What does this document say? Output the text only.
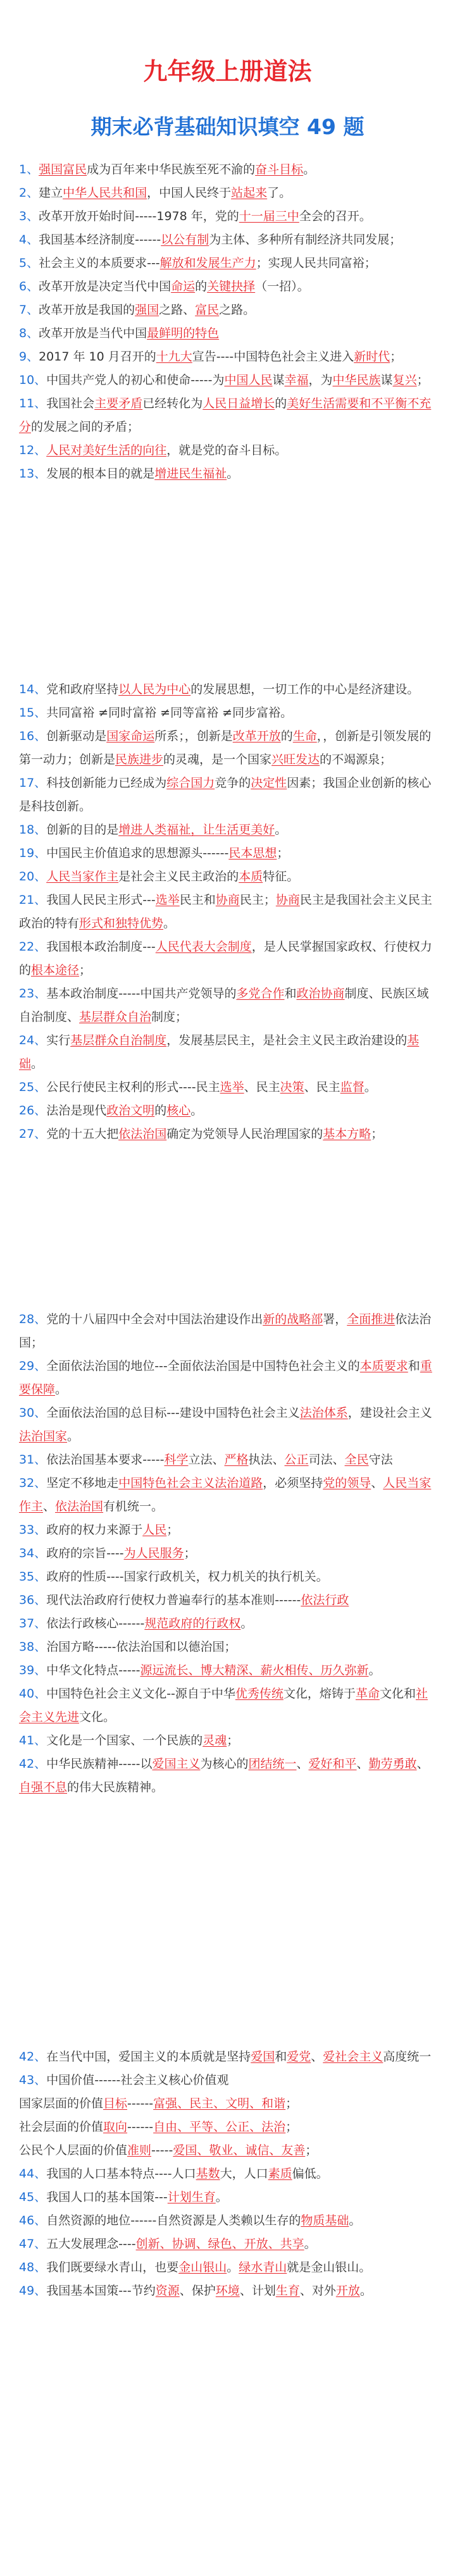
九年级上册道法
期末必背基础知识填空 49 题
1、强国富民成为百年来中华民族至死不渝的奋斗目标。
2、建立中华人民共和国，中国人民终于站起来了。
3、改革开放开始时间-----1978 年，党的十一届三中全会的召开。
4、我国基本经济制度------以公有制为主体、多种所有制经济共同发展；
5、社会主义的本质要求---解放和发展生产力；实现人民共同富裕；
6、改革开放是决定当代中国命运的关键抉择（一招）。
7、改革开放是我国的强国之路、富民之路。
8、改革开放是当代中国最鲜明的特色
9、2017 年 10 月召开的十九大宣告----中国特色社会主义进入新时代；
10、中国共产党人的初心和使命-----为中国人民谋幸福，为中华民族谋复兴；
11、我国社会主要矛盾已经转化为人民日益增长的美好生活需要和不平衡不充分的发展之间的矛盾；
12、人民对美好生活的向往，就是党的奋斗目标。
13、发展的根本目的就是增进民生福祉。
14、党和政府坚持以人民为中心的发展思想，一切工作的中心是经济建设。
15、共同富裕 ≠同时富裕 ≠同等富裕 ≠同步富裕。
16、创新驱动是国家命运所系；，创新是改革开放的生命，，创新是引领发展的第一动力；创新是民族进步的灵魂，是一个国家兴旺发达的不竭源泉；
17、科技创新能力已经成为综合国力竞争的决定性因素；我国企业创新的核心是科技创新。
18、创新的目的是增进人类福祉，让生活更美好。
19、中国民主价值追求的思想源头------民本思想；
20、人民当家作主是社会主义民主政治的本质特征。
21、我国人民民主形式---选举民主和协商民主；协商民主是我国社会主义民主政治的特有形式和独特优势。
22、我国根本政治制度---人民代表大会制度，是人民掌握国家政权、行使权力的根本途径；
23、基本政治制度-----中国共产党领导的多党合作和政治协商制度、民族区域自治制度、基层群众自治制度；
24、实行基层群众自治制度，发展基层民主，是社会主义民主政治建设的基础。
25、公民行使民主权利的形式----民主选举、民主决策、民主监督。
26、法治是现代政治文明的核心。
27、党的十五大把依法治国确定为党领导人民治理国家的基本方略；
28、党的十八届四中全会对中国法治建设作出新的战略部署，全面推进依法治国；
29、全面依法治国的地位---全面依法治国是中国特色社会主义的本质要求和重要保障。
30、全面依法治国的总目标---建设中国特色社会主义法治体系，建设社会主义法治国家。
31、依法治国基本要求-----科学立法、严格执法、公正司法、全民守法
32、坚定不移地走中国特色社会主义法治道路，必须坚持党的领导、人民当家作主、依法治国有机统一。
33、政府的权力来源于人民；
34、政府的宗旨----为人民服务；
35、政府的性质----国家行政机关，权力机关的执行机关。
36、现代法治政府行使权力普遍奉行的基本准则------依法行政
37、依法行政核心------规范政府的行政权。
38、治国方略-----依法治国和以德治国；
39、中华文化特点-----源远流长、博大精深、薪火相传、历久弥新。
40、中国特色社会主义文化--源自于中华优秀传统文化，熔铸于革命文化和社会主义先进文化。
41、文化是一个国家、一个民族的灵魂；
42、中华民族精神-----以爱国主义为核心的团结统一、爱好和平、勤劳勇敢、自强不息的伟大民族精神。
42、在当代中国，爱国主义的本质就是坚持爱国和爱党、爱社会主义高度统一
43、中国价值------社会主义核心价值观
国家层面的价值目标------富强、民主、文明、和谐；
社会层面的价值取向------自由、平等、公正、法治；
公民个人层面的价值准则-----爱国、敬业、诚信、友善；
44、我国的人口基本特点----人口基数大，人口素质偏低。
45、我国人口的基本国策---计划生育。
46、自然资源的地位------自然资源是人类赖以生存的物质基础。
47、五大发展理念----创新、协调、绿色、开放、共享。
48、我们既要绿水青山，也要金山银山。绿水青山就是金山银山。
49、我国基本国策---节约资源、保护环境、计划生育、对外开放。
